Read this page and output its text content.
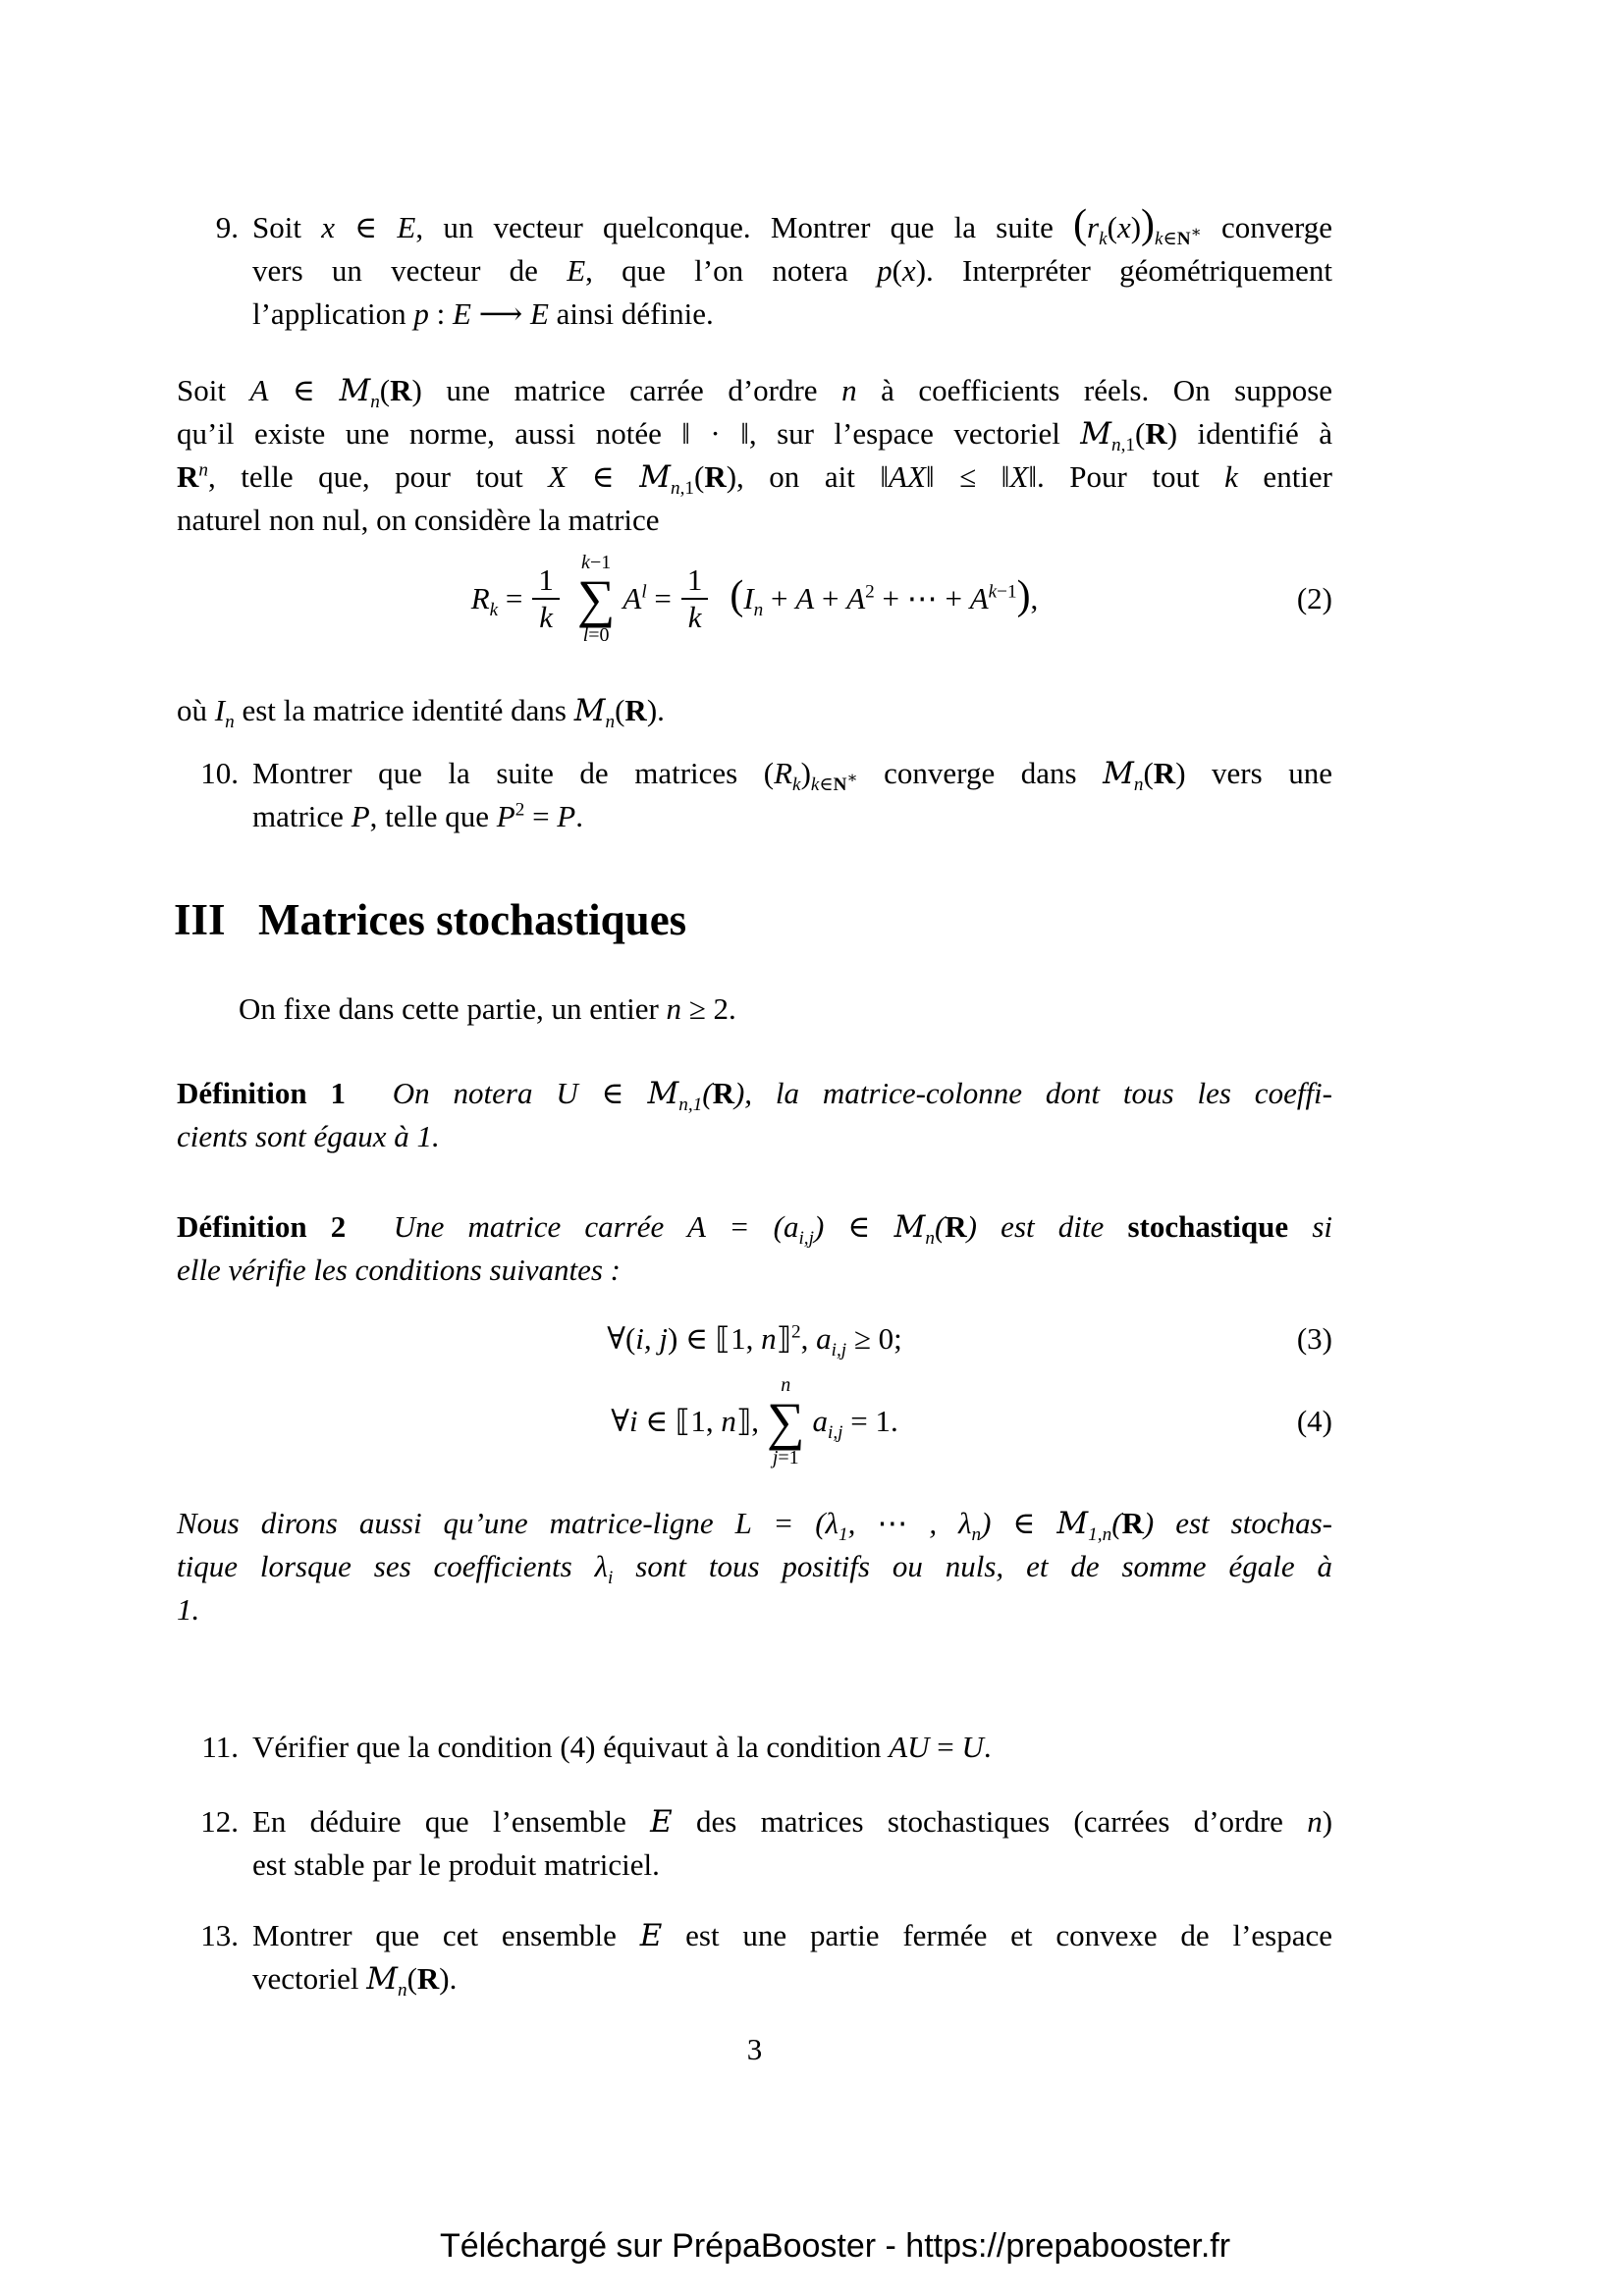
9. Soit x ∈ E, un vecteur quelconque. Montrer que la suite $(r_k(x))_{k\in N^∗}$ converge
vers un vecteur de E, que l’on notera p(x). Interpréter géométriquement
l’application p : E ⟶ E ainsi définie.
Soit A ∈ $M_n(R)$ une matrice carrée d’ordre n à coefficients réels. On suppose
qu’il existe une norme, aussi notée ‖ · ‖, sur l’espace vectoriel $M_{n,1}(R)$ identifié à
$R^n$, telle que, pour tout X ∈ $M_{n,1}(R)$, on ait ‖AX‖ ≤ ‖X‖. Pour tout k entier
naturel non nul, on considère la matrice
$R_k = \frac{1}{k}$
k−1
∑
l=0
$A^l = \frac{1}{k} (I_n + A + A^2$ + ⋯ + $A^{k-1}$),	(2)
où $I_n$ est la matrice identité dans $M_n(R)$.
10. Montrer que la suite de matrices $(R_k)_{k\in N^∗}$ converge dans $M_n(R)$ vers une
matrice P, telle que $P^2 = P$.
III Matrices stochastiques
On fixe dans cette partie, un entier n ≥ 2.
Définition 1 On notera U ∈ $M_{n,1}(R)$, la matrice-colonne dont tous les coeffi-
cients sont égaux à 1.
Définition 2 Une matrice carrée $A = (a_{i,j})$ ∈ $M_n(R)$ est dite stochastique si
elle vérifie les conditions suivantes :
∀(i, j) ∈ ⟦1, n⟧$^2$, $a_{i,j} \ge 0$;	(3)
∀i ∈ ⟦1, n⟧,
n
∑
j=1
$a_{i,j} = 1$.	(4)
Nous dirons aussi qu’une matrice-ligne $L = (\lambda_1$, ⋯ , $\lambda_n$) ∈ $M_{1,n}(R)$ est stochas-
tique lorsque ses coefficients $\lambda_i$ sont tous positifs ou nuls, et de somme égale à
1.
11. Vérifier que la condition (4) équivaut à la condition AU = U.
12. En déduire que l’ensemble E des matrices stochastiques (carrées d’ordre n)
est stable par le produit matriciel.
13. Montrer que cet ensemble E est une partie fermée et convexe de l’espace
vectoriel $M_n(R)$.
3
Téléchargé sur PrépaBooster - https://prepabooster.fr
